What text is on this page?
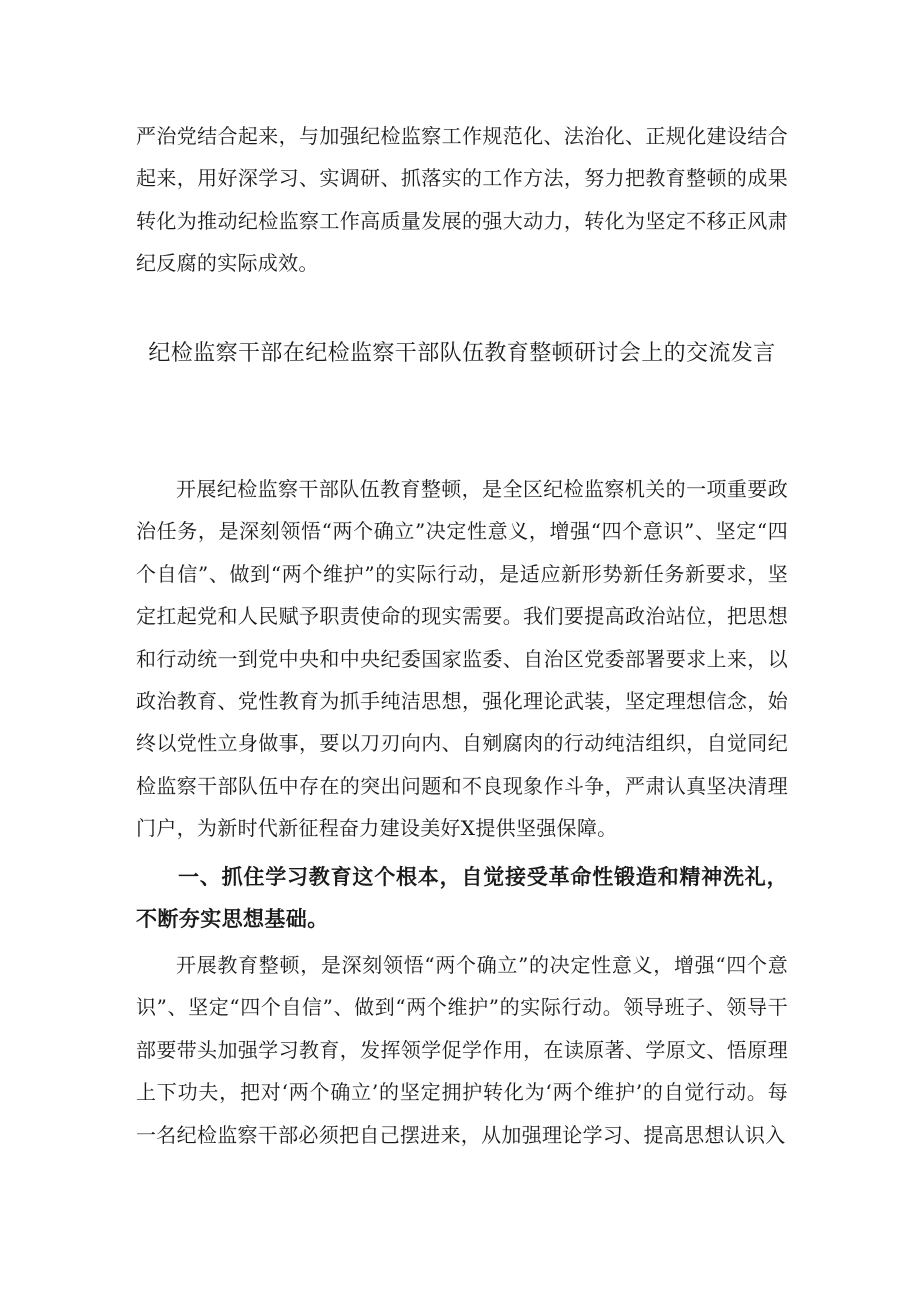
严治党结合起来，与加强纪检监察工作规范化、法治化、正规化建设结合起来，用好深学习、实调研、抓落实的工作方法，努力把教育整顿的成果转化为推动纪检监察工作高质量发展的强大动力，转化为坚定不移正风肃纪反腐的实际成效。

纪检监察干部在纪检监察干部队伍教育整顿研讨会上的交流发言

开展纪检监察干部队伍教育整顿，是全区纪检监察机关的一项重要政治任务，是深刻领悟“两个确立”决定性意义，增强“四个意识”、坚定“四个自信”、做到“两个维护”的实际行动，是适应新形势新任务新要求，坚定扛起党和人民赋予职责使命的现实需要。我们要提高政治站位，把思想和行动统一到党中央和中央纪委国家监委、自治区党委部署要求上来，以政治教育、党性教育为抓手纯洁思想，强化理论武装，坚定理想信念，始终以党性立身做事，要以刀刃向内、自剜腐肉的行动纯洁组织，自觉同纪检监察干部队伍中存在的突出问题和不良现象作斗争，严肃认真坚决清理门户，为新时代新征程奋力建设美好X提供坚强保障。

一、抓住学习教育这个根本，自觉接受革命性锻造和精神洗礼，不断夯实思想基础。

开展教育整顿，是深刻领悟“两个确立”的决定性意义，增强“四个意识”、坚定“四个自信”、做到“两个维护”的实际行动。领导班子、领导干部要带头加强学习教育，发挥领学促学作用，在读原著、学原文、悟原理上下功夫，把对‘两个确立’的坚定拥护转化为‘两个维护’的自觉行动。每一名纪检监察干部必须把自己摆进来，从加强理论学习、提高思想认识入
